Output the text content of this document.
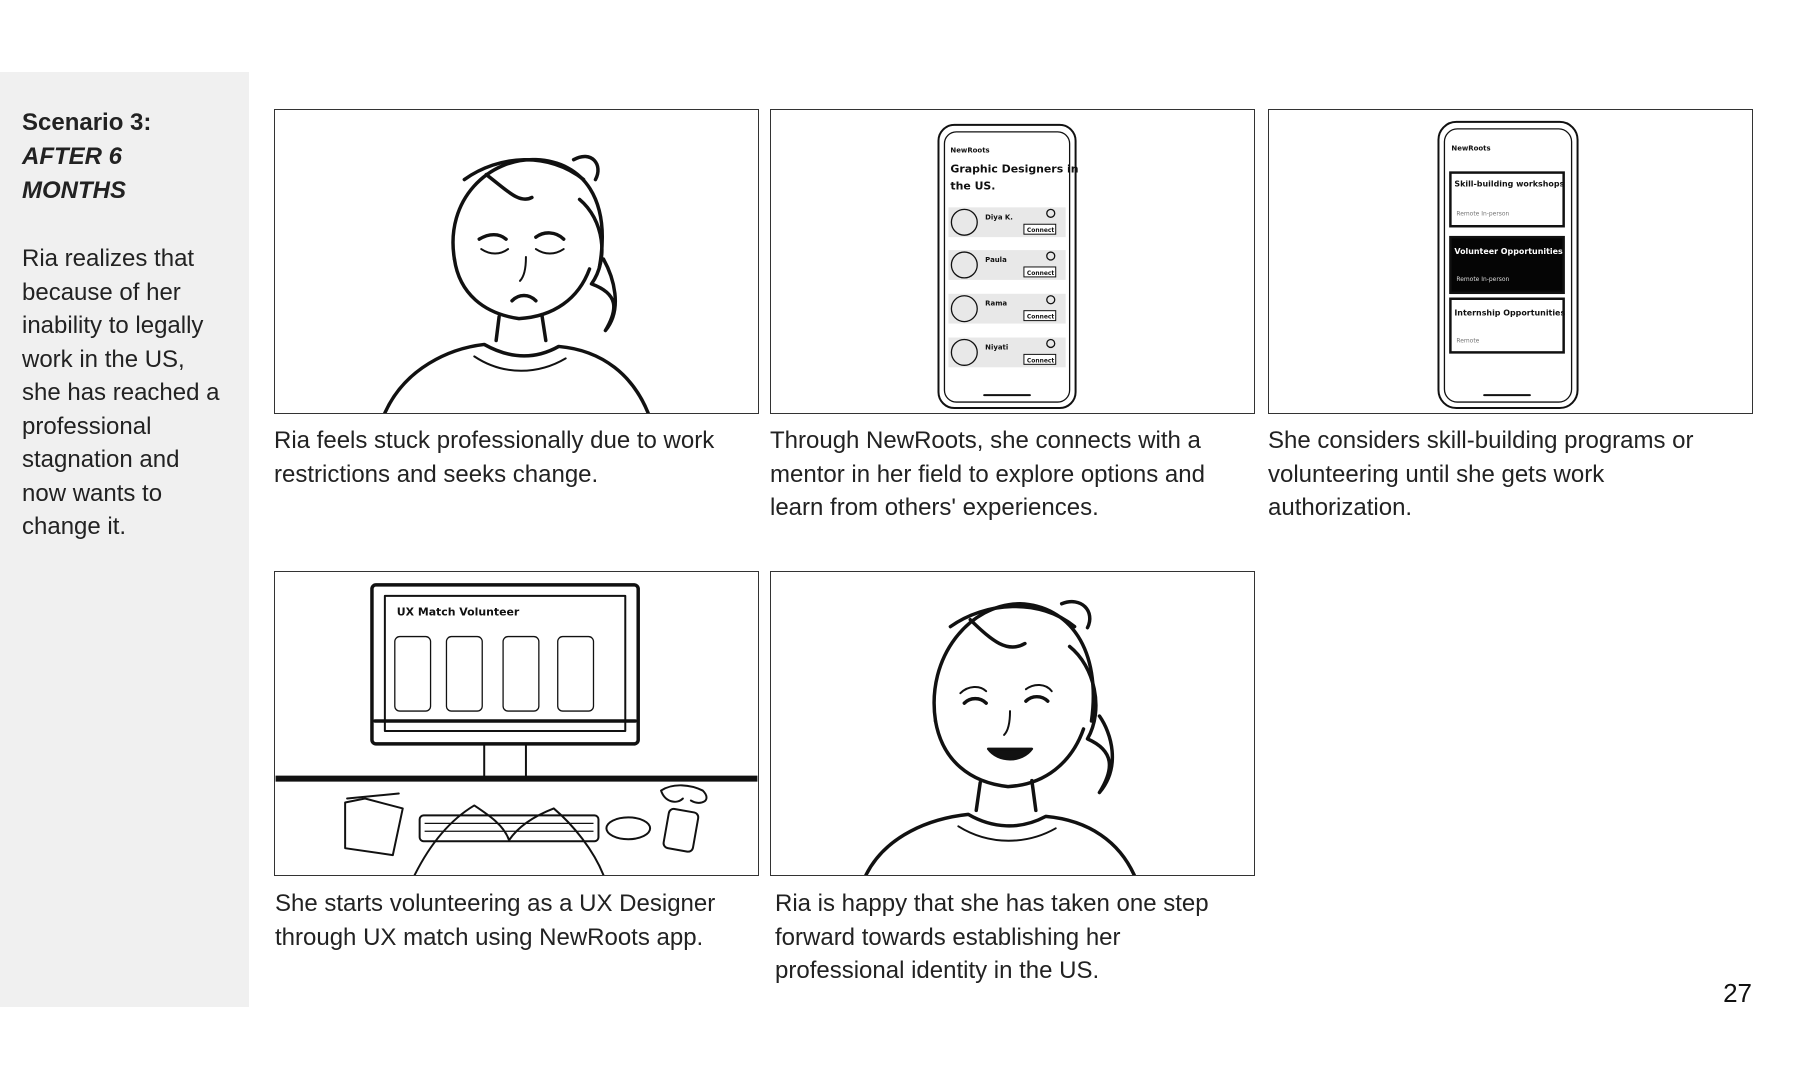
Scenario 3:
AFTER 6
MONTHS
Ria realizes that
because of her
inability to legally
work in the US,
she has reached a
professional
stagnation and
now wants to
change it.
Ria feels stuck professionally due to work
restrictions and seeks change.
NewRoots
Graphic Designers in
the US.
Diya K.
Connect
Paula
Connect
Rama
Connect
Niyati
Connect
Through NewRoots, she connects with a
mentor in her field to explore options and
learn from others' experiences.
NewRoots
Skill-building workshops
Remote In-person
Volunteer Opportunities
Remote In-person
Internship Opportunities
Remote
She considers skill-building programs or
volunteering until she gets work
authorization.
UX Match Volunteer
She starts volunteering as a UX Designer
through UX match using NewRoots app.
Ria is happy that she has taken one step
forward towards establishing her
professional identity in the US.
27
